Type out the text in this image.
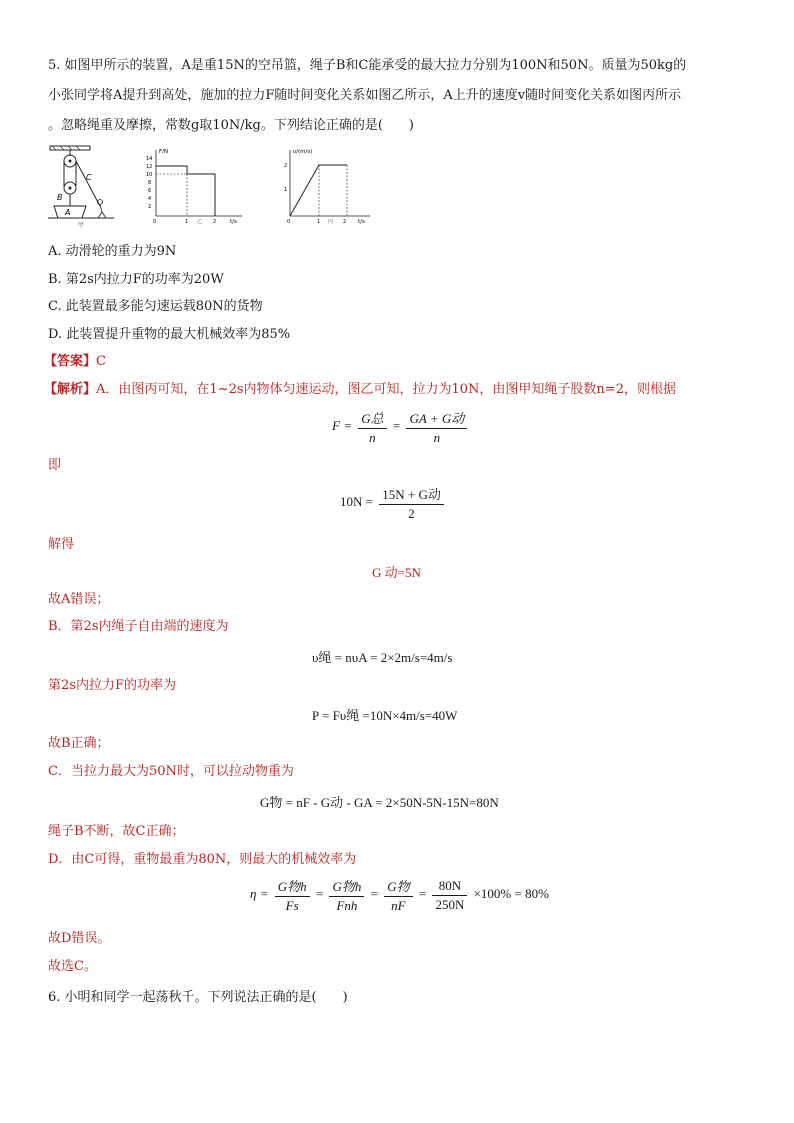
5. 如图甲所示的装置，A是重15N的空吊篮，绳子B和C能承受的最大拉力分别为100N和50N。质量为50kg的
小张同学将A提升到高处，施加的拉力F随时间变化关系如图乙所示，A上升的速度v随时间变化关系如图丙所示
。忽略绳重及摩擦，常数g取10N/kg。下列结论正确的是(　　)
B
C
A
甲
F/N
t/s
14
12
10
8
6
4
2
0	1	2
乙
υ/(m/s)
t/s
2
1
0	1	2
丙
A. 动滑轮的重力为9N
B. 第2s内拉力F的功率为20W
C. 此装置最多能匀速运载80N的货物
D. 此装置提升重物的最大机械效率为85%
【答案】C
【解析】A．由图丙可知，在1~2s内物体匀速运动，图乙可知，拉力为10N，由图甲知绳子股数n=2，则根据
$F = \frac{\text{G总}}{n} = \frac{\text{GA + G动}}{n}$
即
$10N = \frac{\text{15N + G动}}{2}$
解得
G 动=5N
故A错误；
B．第2s内绳子自由端的速度为
υ绳 = nυA = 2×2m/s=4m/s
第2s内拉力F的功率为
P = Fυ绳 =10N×4m/s=40W
故B正确；
C．当拉力最大为50N时，可以拉动物重为
G物 = nF - G动 - GA = 2×50N-5N-15N=80N
绳子B不断，故C正确；
D．由C可得，重物最重为80N，则最大的机械效率为
$\eta = \frac{\text{G物h}}{Fs} = \frac{\text{G物h}}{\text{Fnh}} = \frac{\text{G物}}{nF} = \frac{80N}{250N} \times 100\% = 80\%$
故D错误。
故选C。
6. 小明和同学一起荡秋千。下列说法正确的是(　　)
